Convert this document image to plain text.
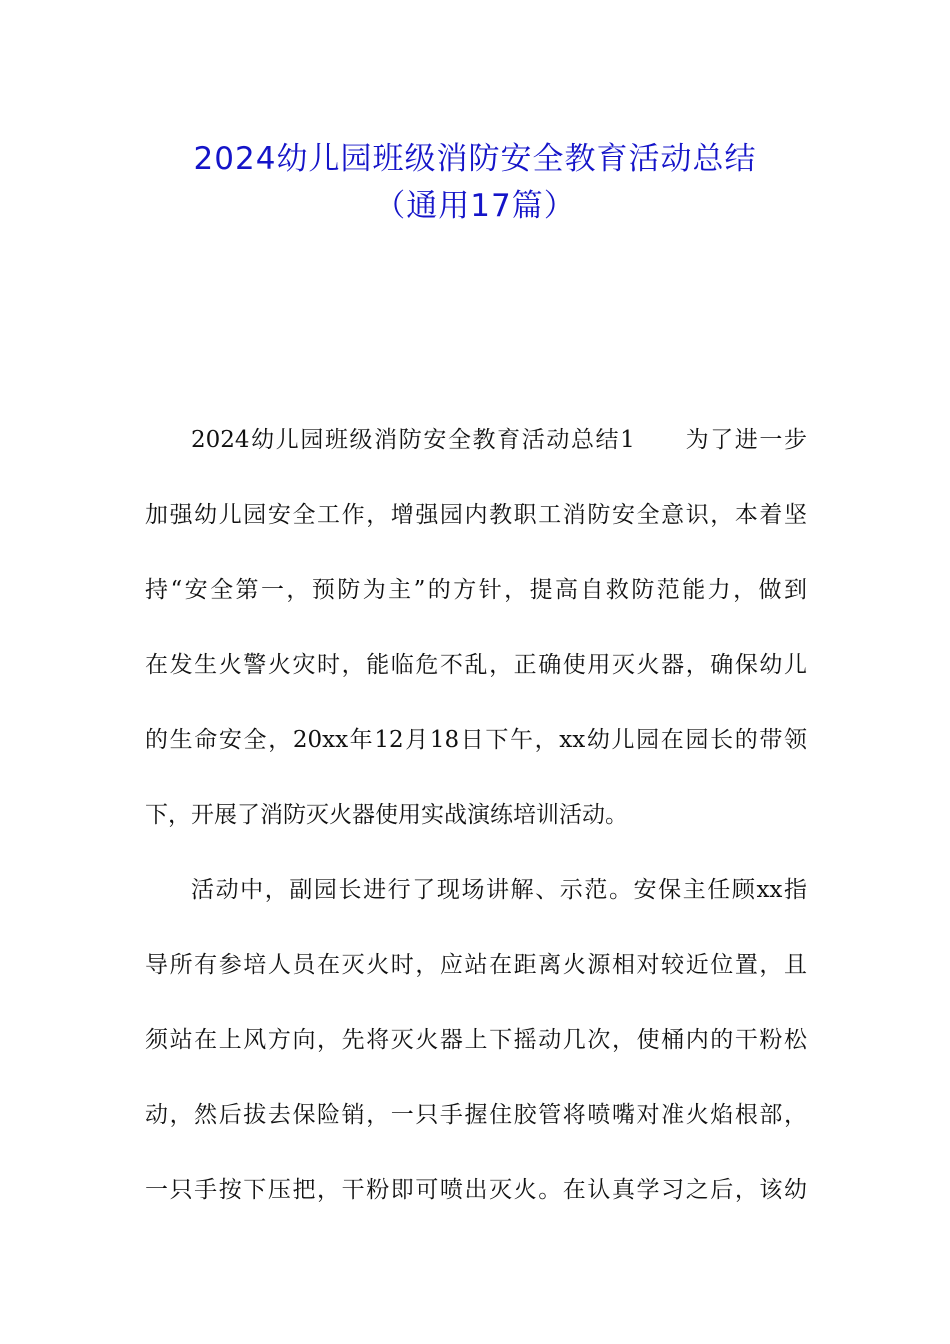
2024幼儿园班级消防安全教育活动总结
（通用17篇）
2024幼儿园班级消防安全教育活动总结1　　为了进一步
加强幼儿园安全工作，增强园内教职工消防安全意识，本着坚
持“安全第一，预防为主”的方针，提高自救防范能力，做到
在发生火警火灾时，能临危不乱，正确使用灭火器，确保幼儿
的生命安全，20xx年12月18日下午，xx幼儿园在园长的带领
下，开展了消防灭火器使用实战演练培训活动。
活动中，副园长进行了现场讲解、示范。安保主任顾xx指
导所有参培人员在灭火时，应站在距离火源相对较近位置，且
须站在上风方向，先将灭火器上下摇动几次，使桶内的干粉松
动，然后拔去保险销，一只手握住胶管将喷嘴对准火焰根部，
一只手按下压把，干粉即可喷出灭火。在认真学习之后，该幼
